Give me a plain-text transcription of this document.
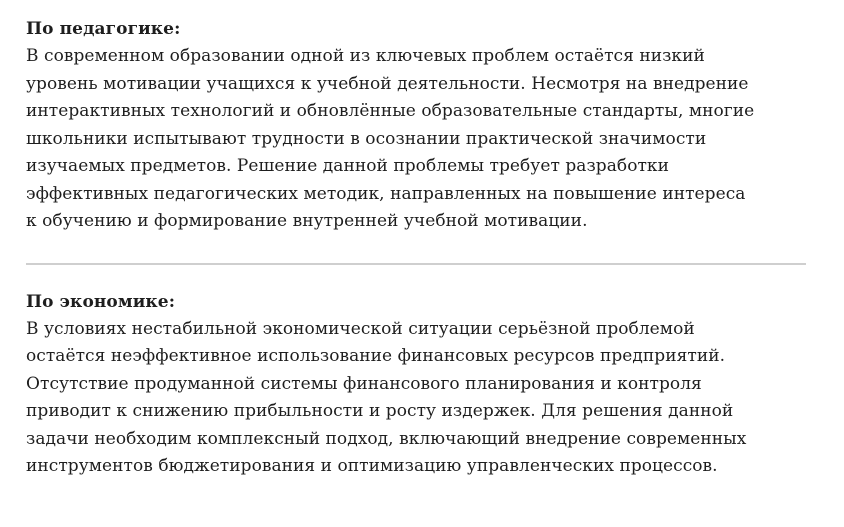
По педагогике:

В современном образовании одной из ключевых проблем остаётся низкий
уровень мотивации учащихся к учебной деятельности. Несмотря на внедрение
интерактивных технологий и обновлённые образовательные стандарты, многие
школьники испытывают трудности в осознании практической значимости
изучаемых предметов. Решение данной проблемы требует разработки
эффективных педагогических методик, направленных на повышение интереса
к обучению и формирование внутренней учебной мотивации.

По экономике:

В условиях нестабильной экономической ситуации серьёзной проблемой
остаётся неэффективное использование финансовых ресурсов предприятий.
Отсутствие продуманной системы финансового планирования и контроля
приводит к снижению прибыльности и росту издержек. Для решения данной
задачи необходим комплексный подход, включающий внедрение современных
инструментов бюджетирования и оптимизацию управленческих процессов.
